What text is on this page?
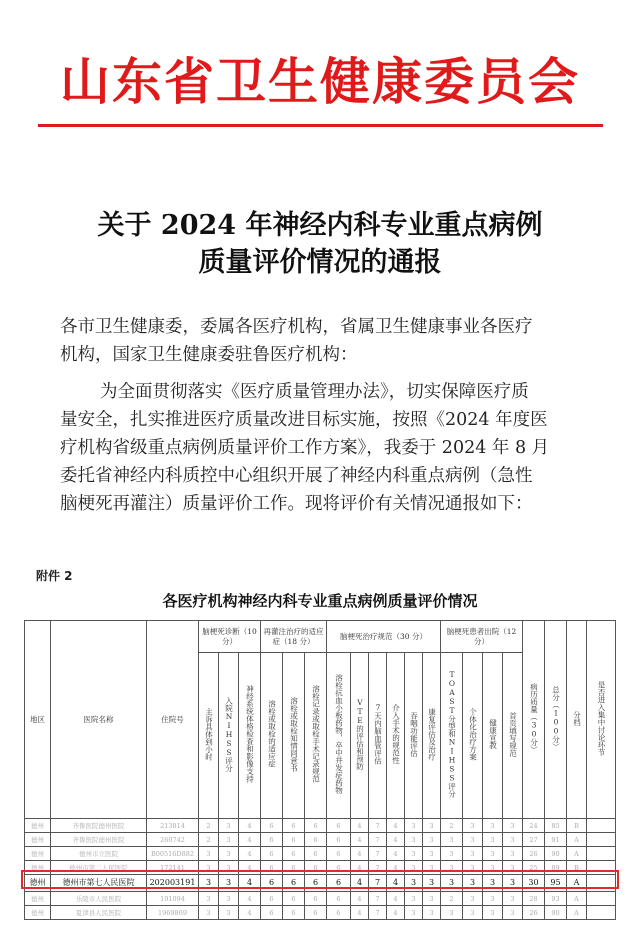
山东省卫生健康委员会
关于 2024 年神经内科专业重点病例
质量评价情况的通报
各市卫生健康委，委属各医疗机构，省属卫生健康事业各医疗
机构，国家卫生健康委驻鲁医疗机构：
为全面贯彻落实《医疗质量管理办法》，切实保障医疗质
量安全，扎实推进医疗质量改进目标实施，按照《2024 年度医
疗机构省级重点病例质量评价工作方案》，我委于 2024 年 8 月
委托省神经内科质控中心组织开展了神经内科重点病例（急性
脑梗死再灌注）质量评价工作。现将评价有关情况通报如下：
附件 2
各医疗机构神经内科专业重点病例质量评价情况
地区	医院名称	住院号	脑梗死诊断（10 分）			再灌注治疗的适应症（18 分）			脑梗死治疗规范（30 分）						脑梗死患者出院（12 分）				病历质量（30分）	总分（100分）	分档	是否进入集中讨论环节
			主诉具体到小时	入院NIHSS评分	神经系统体格检查和影像支持	溶栓或取栓的适应症	溶栓或取栓知情同意书	溶栓记录或取栓手术记录规范	溶栓抗血小板药物，卒中并发症药物	VTE的评估和预防	7天内脑血管评估	介入手术的规范性	吞咽功能评估	康复评估及治疗	TOAST分型和NIHSS评分	个体化治疗方案	健康宣教	首页填写规范				
德州	齐鲁医院德州医院	213814	2	3	4	6	6	6	6	4	7	4	3	3	2	3	3	3	24	85	B	
德州	齐鲁医院德州医院	260742	2	3	4	6	6	6	6	4	7	4	3	3	3	3	3	3	27	91	A	
德州	德州市立医院	B00516D882	3	3	4	6	6	6	6	4	7	4	3	3	3	3	3	3	26	90	A	
德州	德州市第二人民医院	172141	3	3	4	6	6	6	6	4	7	4	3	3	3	3	3	3	25	89	B	
德州	德州市第七人民医院	202003191	3	3	4	6	6	6	6	4	7	4	3	3	3	3	3	3	30	95	A	
德州	乐陵市人民医院	191094	3	3	4	6	6	6	6	4	7	4	3	3	2	3	3	3	28	93	A	
德州	夏津县人民医院	1969869	3	3	4	6	6	6	6	4	7	4	3	3	3	3	3	3	26	90	A	
